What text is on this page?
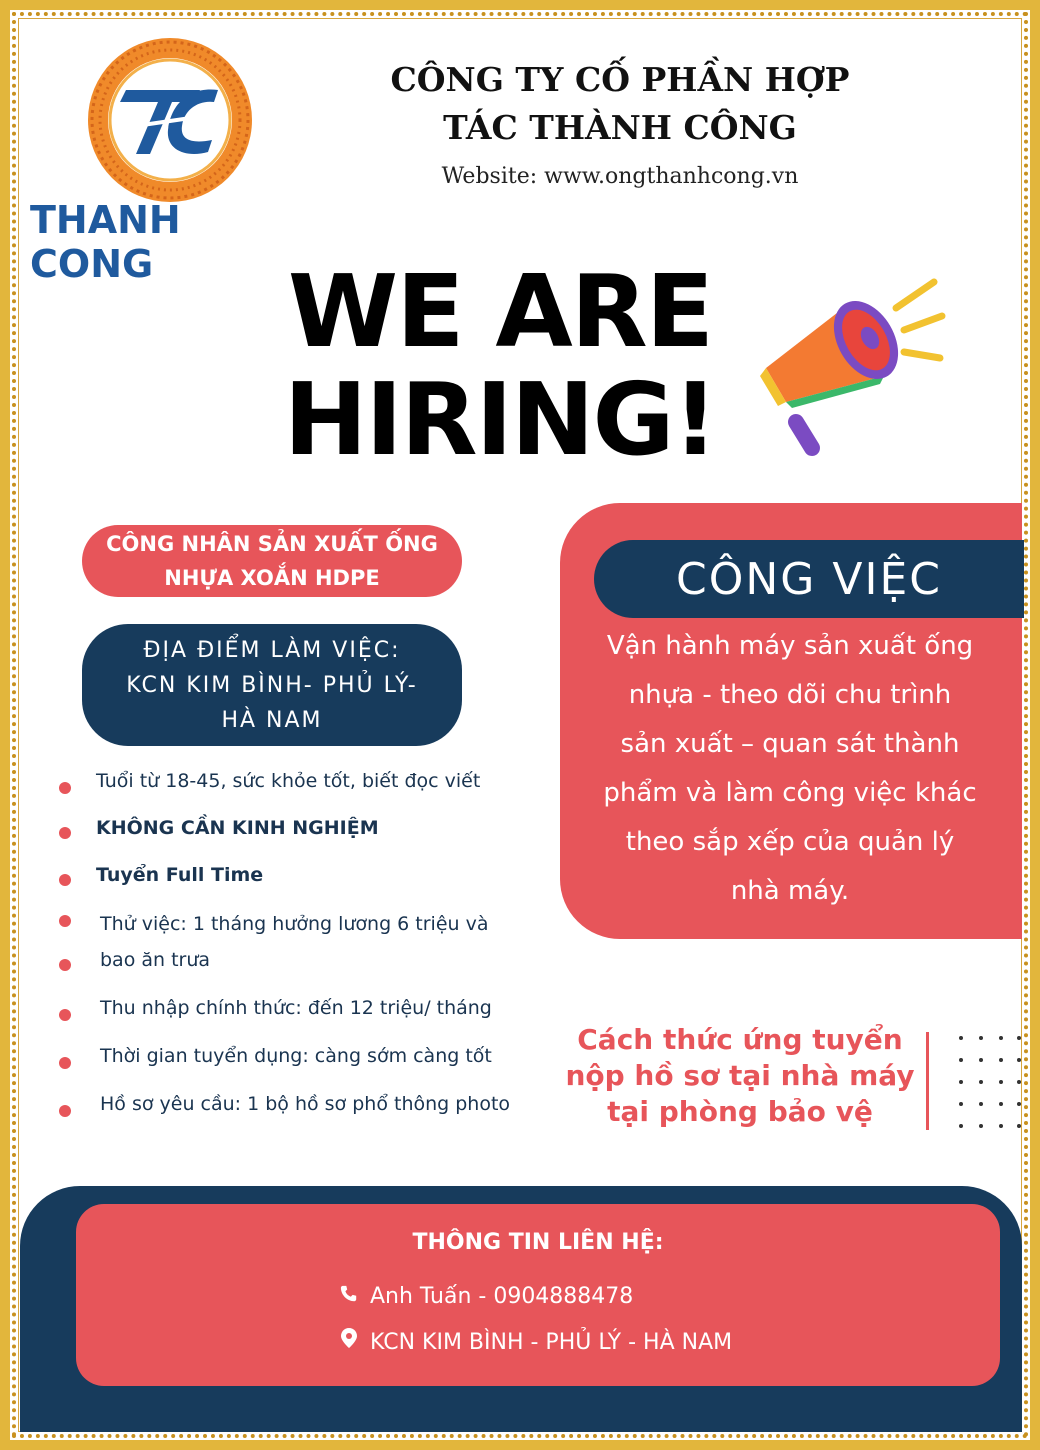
THANH CONG
CÔNG TY CỐ PHẦN HỢP
TÁC THÀNH CÔNG
Website: www.ongthanhcong.vn
WE ARE
HIRING!
CÔNG NHÂN SẢN XUẤT ỐNG
NHỰA XOẮN HDPE
ĐỊA ĐIỂM LÀM VIỆC:
KCN KIM BÌNH- PHỦ LÝ-
HÀ NAM
Tuổi từ 18-45, sức khỏe tốt, biết đọc viết
KHÔNG CẦN KINH NGHIỆM
Tuyển Full Time
Thử việc: 1 tháng hưởng lương 6 triệu và
bao ăn trưa
Thu nhập chính thức: đến 12 triệu/ tháng
Thời gian tuyển dụng: càng sớm càng tốt
Hồ sơ yêu cầu: 1 bộ hồ sơ phổ thông photo
CÔNG VIỆC
Vận hành máy sản xuất ống
nhựa - theo dõi chu trình
sản xuất – quan sát thành
phẩm và làm công việc khác
theo sắp xếp của quản lý
nhà máy.
Cách thức ứng tuyển
nộp hồ sơ tại nhà máy
tại phòng bảo vệ
THÔNG TIN LIÊN HỆ:
Anh Tuấn - 0904888478
KCN KIM BÌNH - PHỦ LÝ - HÀ NAM
